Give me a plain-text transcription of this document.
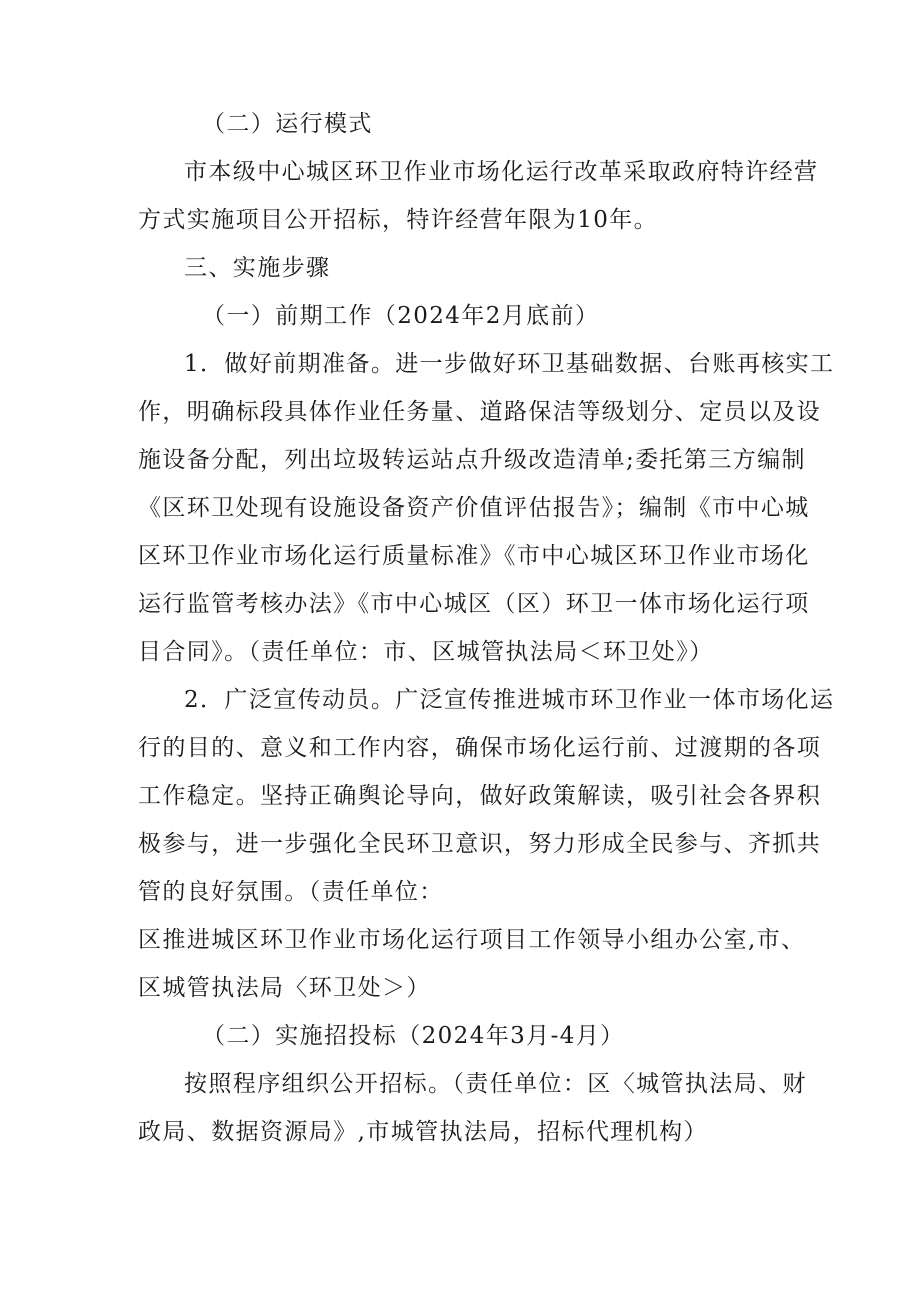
（二）运行模式
市本级中心城区环卫作业市场化运行改革采取政府特许经营
方式实施项目公开招标，特许经营年限为10年。
三、实施步骤
（一）前期工作（2024年2月底前）
1．做好前期准备。进一步做好环卫基础数据、台账再核实工
作，明确标段具体作业任务量、道路保洁等级划分、定员以及设
施设备分配，列出垃圾转运站点升级改造清单;委托第三方编制
《区环卫处现有设施设备资产价值评估报告》；编制《市中心城
区环卫作业市场化运行质量标准》《市中心城区环卫作业市场化
运行监管考核办法》《市中心城区（区）环卫一体市场化运行项
目合同》。（责任单位：市、区城管执法局＜环卫处》）
2．广泛宣传动员。广泛宣传推进城市环卫作业一体市场化运
行的目的、意义和工作内容，确保市场化运行前、过渡期的各项
工作稳定。坚持正确舆论导向，做好政策解读，吸引社会各界积
极参与，进一步强化全民环卫意识，努力形成全民参与、齐抓共
管的良好氛围。（责任单位：
区推进城区环卫作业市场化运行项目工作领导小组办公室,市、
区城管执法局〈环卫处＞）
（二）实施招投标（2024年3月-4月）
按照程序组织公开招标。（责任单位：区〈城管执法局、财
政局、数据资源局》,市城管执法局，招标代理机构）
